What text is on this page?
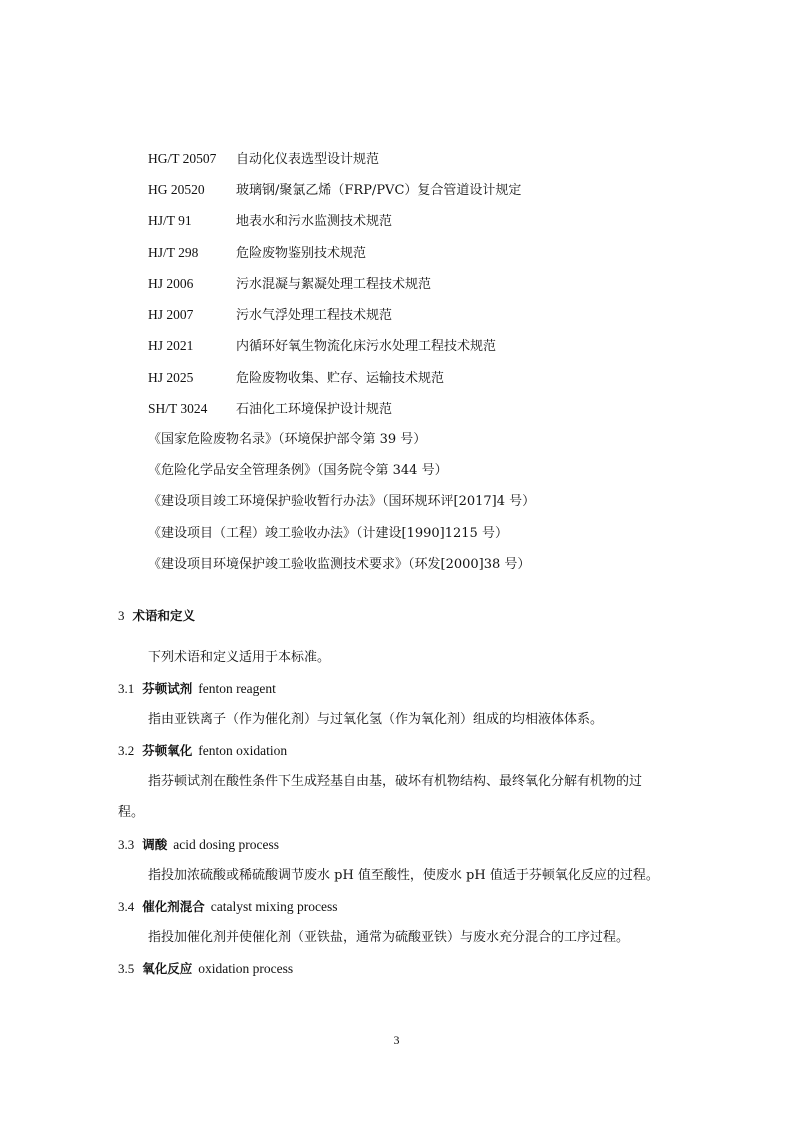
HG/T 20507 自动化仪表选型设计规范
HG 20520 玻璃钢/聚氯乙烯（FRP/PVC）复合管道设计规定
HJ/T 91	地表水和污水监测技术规范
HJ/T 298	危险废物鉴别技术规范
HJ 2006	污水混凝与絮凝处理工程技术规范
HJ 2007	污水气浮处理工程技术规范
HJ 2021	内循环好氧生物流化床污水处理工程技术规范
HJ 2025	危险废物收集、贮存、运输技术规范
SH/T 3024 石油化工环境保护设计规范
《国家危险废物名录》（环境保护部令第 39 号）
《危险化学品安全管理条例》（国务院令第 344 号）
《建设项目竣工环境保护验收暂行办法》（国环规环评[2017]4 号）
《建设项目（工程）竣工验收办法》（计建设[1990]1215 号）
《建设项目环境保护竣工验收监测技术要求》（环发[2000]38 号）
3 术语和定义
下列术语和定义适用于本标准。
3.1 芬顿试剂 fenton reagent
指由亚铁离子（作为催化剂）与过氧化氢（作为氧化剂）组成的均相液体体系。
3.2 芬顿氧化 fenton oxidation
指芬顿试剂在酸性条件下生成羟基自由基，破坏有机物结构、最终氧化分解有机物的过
程。
3.3 调酸 acid dosing process
指投加浓硫酸或稀硫酸调节废水 pH 值至酸性，使废水 pH 值适于芬顿氧化反应的过程。
3.4 催化剂混合 catalyst mixing process
指投加催化剂并使催化剂（亚铁盐，通常为硫酸亚铁）与废水充分混合的工序过程。
3.5 氧化反应 oxidation process
3
